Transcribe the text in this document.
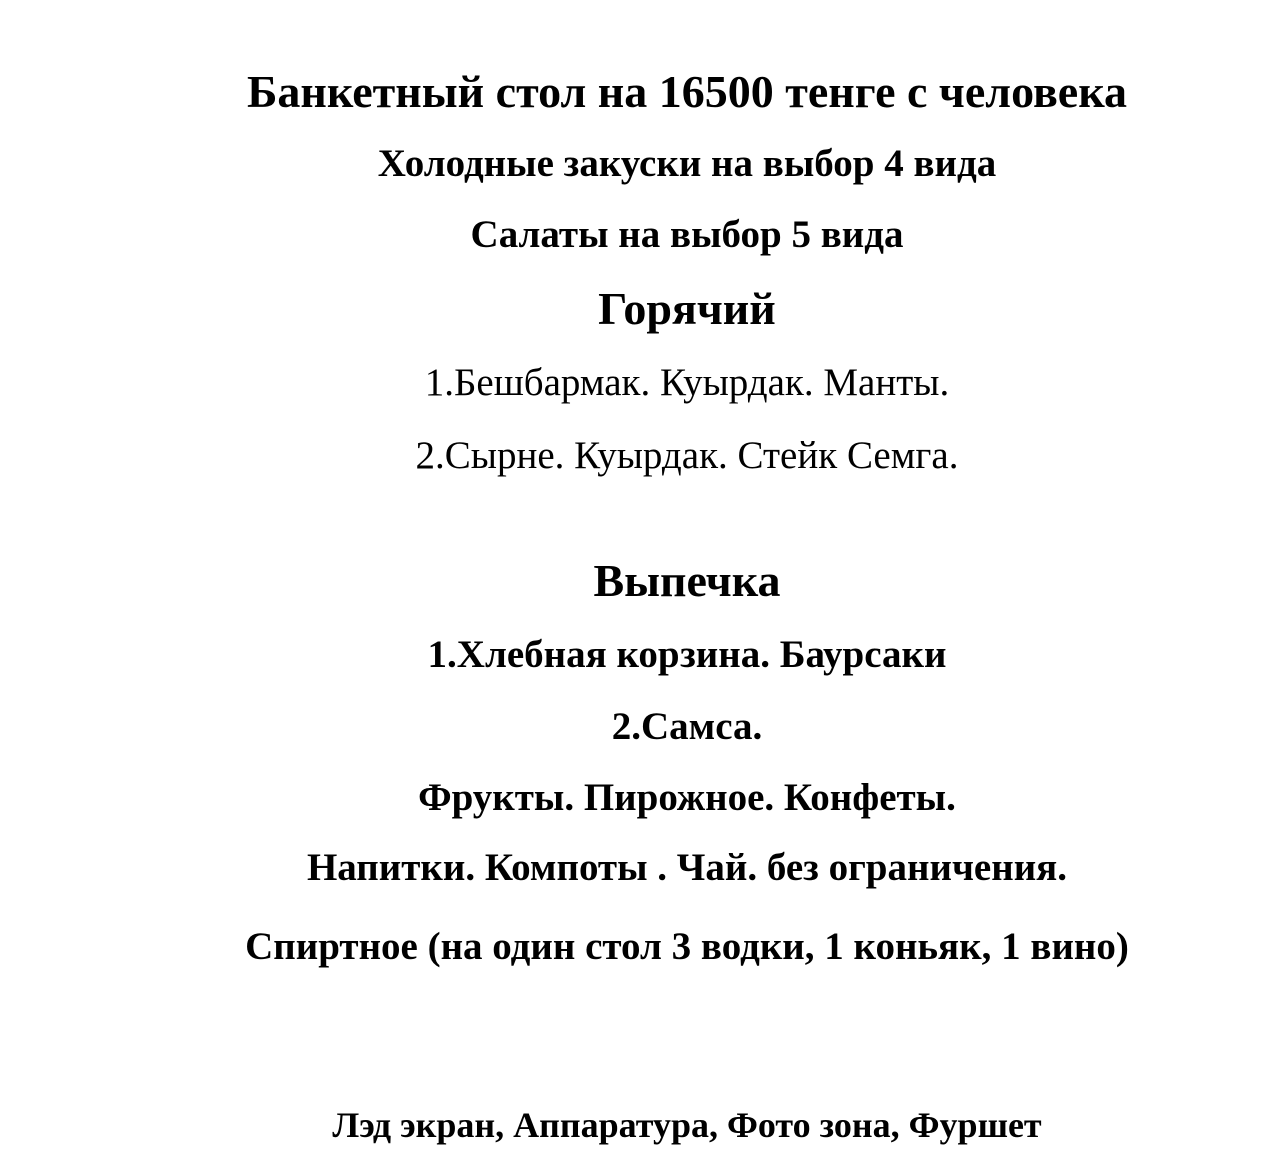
Банкетный стол на 16500 тенге с человека

Холодные закуски на выбор 4 вида

Салаты на выбор 5 вида

Горячий

1.Бешбармак. Куырдак. Манты.

2.Сырне. Куырдак. Стейк Семга.

Выпечка

1.Хлебная корзина. Баурсаки

2.Самса.

Фрукты. Пирожное. Конфеты.

Напитки. Компоты . Чай. без ограничения.

Спиртное (на один стол 3 водки, 1 коньяк, 1 вино)

Лэд экран, Аппаратура, Фото зона, Фуршет
